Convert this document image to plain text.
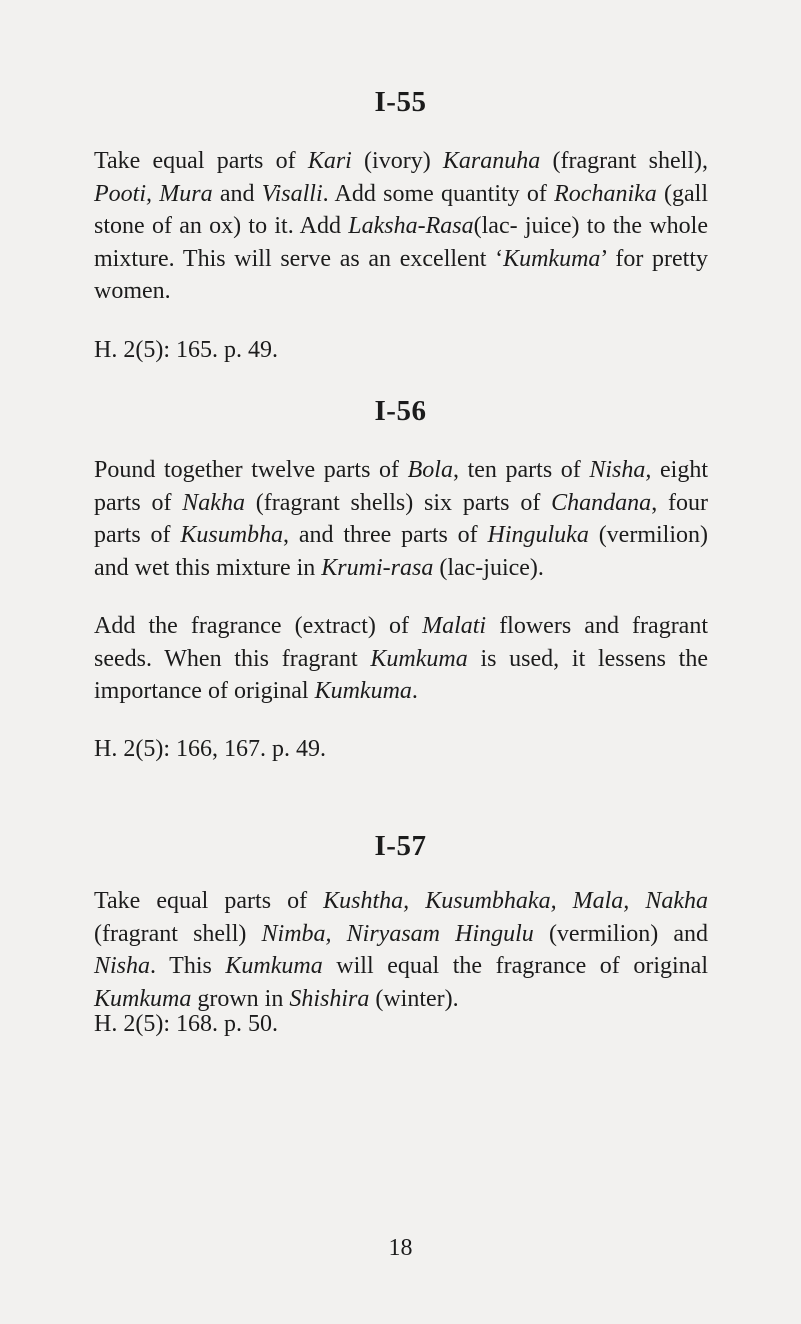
I-55

Take equal parts of Kari (ivory) Karanuha (fragrant shell), Pooti, Mura and Visalli. Add some quantity of Rochanika (gall stone of an ox) to it. Add Laksha-Rasa(lac- juice) to the whole mixture. This will serve as an excellent ‘Kumkuma’ for pretty women.

H. 2(5): 165. p. 49.
I-56

Pound together twelve parts of Bola, ten parts of Nisha, eight parts of Nakha (fragrant shells) six parts of Chandana, four parts of Kusumbha, and three parts of Hinguluka (vermilion) and wet this mixture in Krumi-rasa (lac-juice).

Add the fragrance (extract) of Malati flowers and fragrant seeds. When this fragrant Kumkuma is used, it lessens the importance of original Kumkuma.

H. 2(5): 166, 167. p. 49.
I-57

Take equal parts of Kushtha, Kusumbhaka, Mala, Nakha (fragrant shell) Nimba, Niryasam Hingulu (vermilion) and Nisha. This Kumkuma will equal the fragrance of original Kumkuma grown in Shishira (winter).

H. 2(5): 168. p. 50.
18
